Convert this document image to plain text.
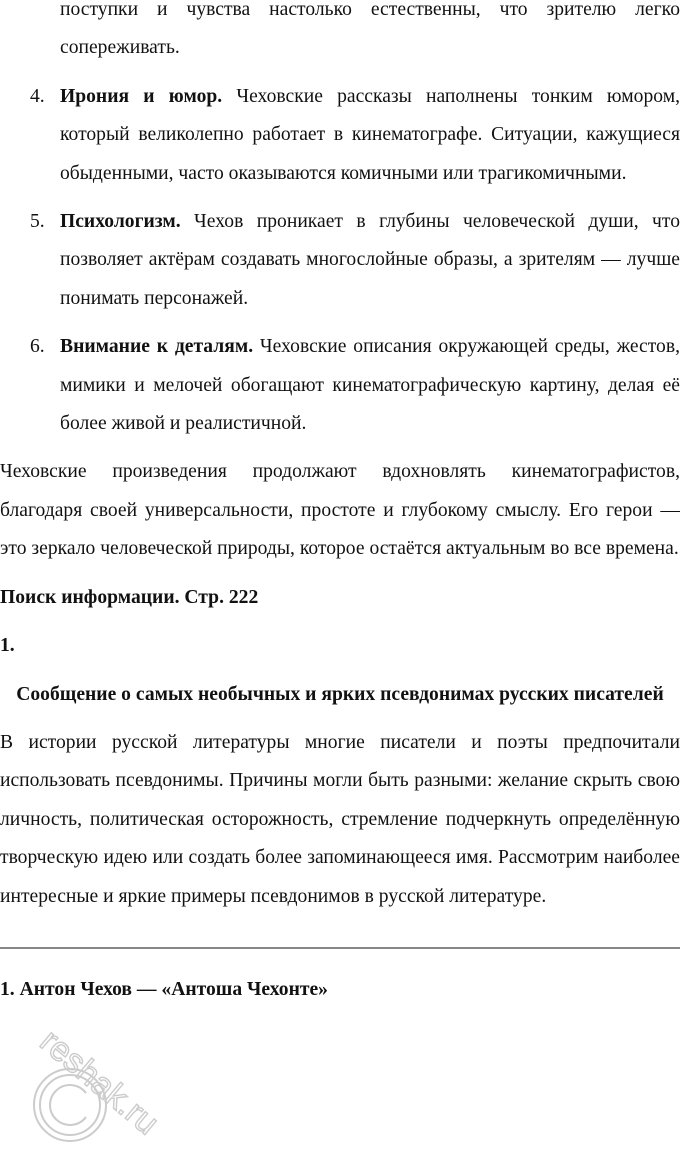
поступки и чувства настолько естественны, что зрителю легко сопереживать.

4. Ирония и юмор. Чеховские рассказы наполнены тонким юмором, который великолепно работает в кинематографе. Ситуации, кажущиеся обыденными, часто оказываются комичными или трагикомичными.
5. Психологизм. Чехов проникает в глубины человеческой души, что позволяет актёрам создавать многослойные образы, а зрителям — лучше понимать персонажей.
6. Внимание к деталям. Чеховские описания окружающей среды, жестов, мимики и мелочей обогащают кинематографическую картину, делая её более живой и реалистичной.

Чеховские произведения продолжают вдохновлять кинематографистов, благодаря своей универсальности, простоте и глубокому смыслу. Его герои — это зеркало человеческой природы, которое остаётся актуальным во все времена.

Поиск информации. Стр. 222

1.

Сообщение о самых необычных и ярких псевдонимах русских писателей

В истории русской литературы многие писатели и поэты предпочитали использовать псевдонимы. Причины могли быть разными: желание скрыть свою личность, политическая осторожность, стремление подчеркнуть определённую творческую идею или создать более запоминающееся имя. Рассмотрим наиболее интересные и яркие примеры псевдонимов в русской литературе.

1. Антон Чехов — «Антоша Чехонте»

reshak.ru
